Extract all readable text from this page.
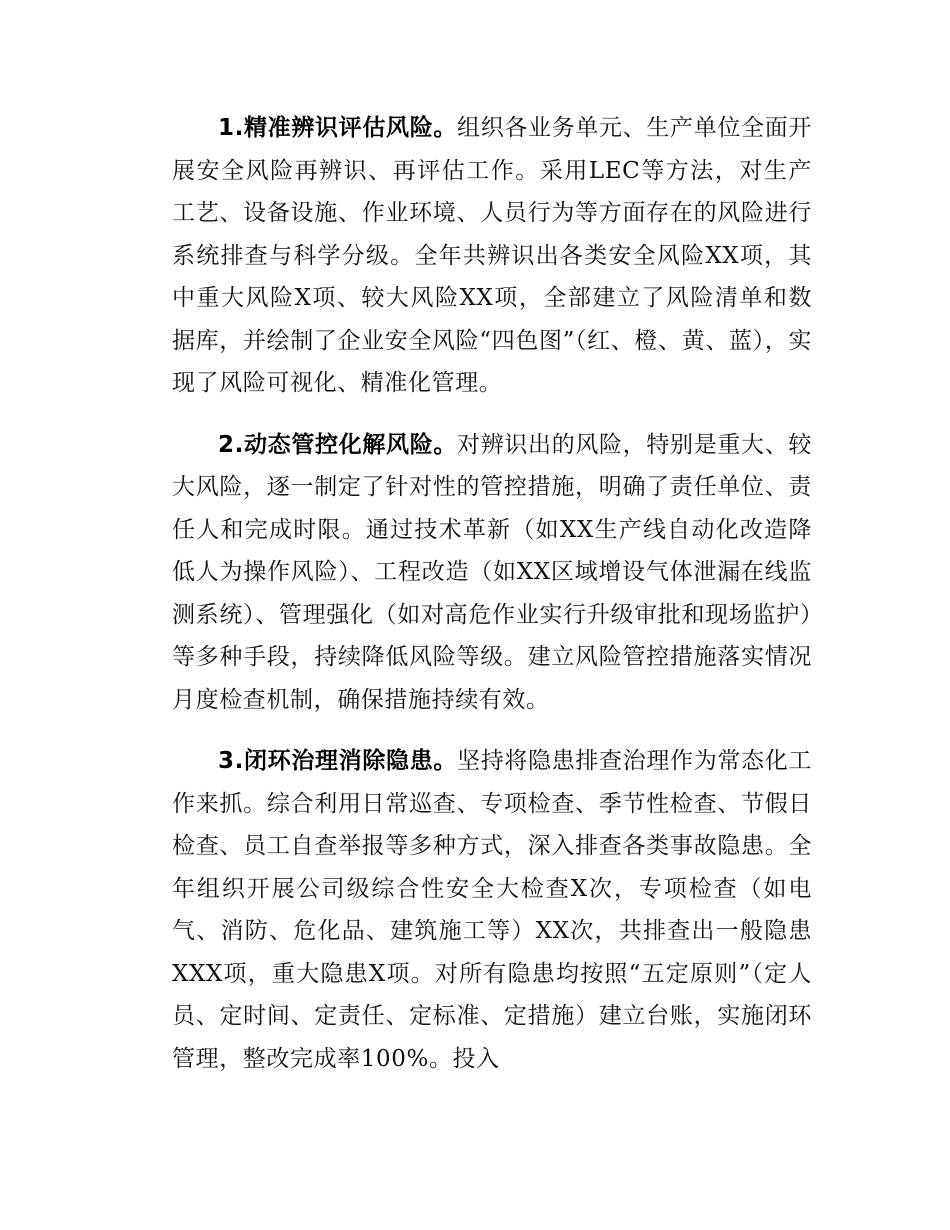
1.精准辨识评估风险。组织各业务单元、生产单位全面开展安全风险再辨识、再评估工作。采用LEC等方法，对生产工艺、设备设施、作业环境、人员行为等方面存在的风险进行系统排查与科学分级。全年共辨识出各类安全风险XX项，其中重大风险X项、较大风险XX项，全部建立了风险清单和数据库，并绘制了企业安全风险“四色图”（红、橙、黄、蓝），实现了风险可视化、精准化管理。

2.动态管控化解风险。对辨识出的风险，特别是重大、较大风险，逐一制定了针对性的管控措施，明确了责任单位、责任人和完成时限。通过技术革新（如XX生产线自动化改造降低人为操作风险）、工程改造（如XX区域增设气体泄漏在线监测系统）、管理强化（如对高危作业实行升级审批和现场监护）等多种手段，持续降低风险等级。建立风险管控措施落实情况月度检查机制，确保措施持续有效。

3.闭环治理消除隐患。坚持将隐患排查治理作为常态化工作来抓。综合利用日常巡查、专项检查、季节性检查、节假日检查、员工自查举报等多种方式，深入排查各类事故隐患。全年组织开展公司级综合性安全大检查X次，专项检查（如电气、消防、危化品、建筑施工等）XX次，共排查出一般隐患XXX项，重大隐患X项。对所有隐患均按照“五定原则”（定人员、定时间、定责任、定标准、定措施）建立台账，实施闭环管理，整改完成率100%。投入
